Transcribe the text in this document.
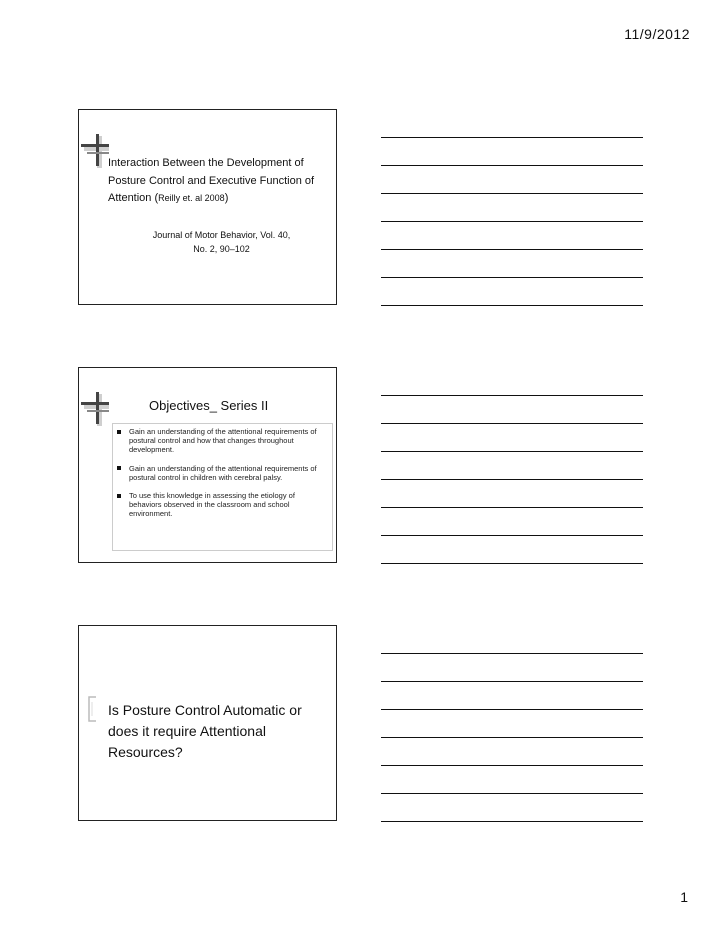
11/9/2012
Interaction Between the Development of Posture Control and Executive Function of Attention (Reilly et. al 2008)
Journal of Motor Behavior, Vol. 40,
No. 2, 90–102
Objectives_ Series II
Gain an understanding of the attentional requirements of postural control and how that changes throughout development.
Gain an understanding of the attentional requirements of postural control in children with cerebral palsy.
To use this knowledge in assessing the etiology of behaviors observed in the classroom and school environment.
Is Posture Control Automatic or does it require Attentional Resources?
1
